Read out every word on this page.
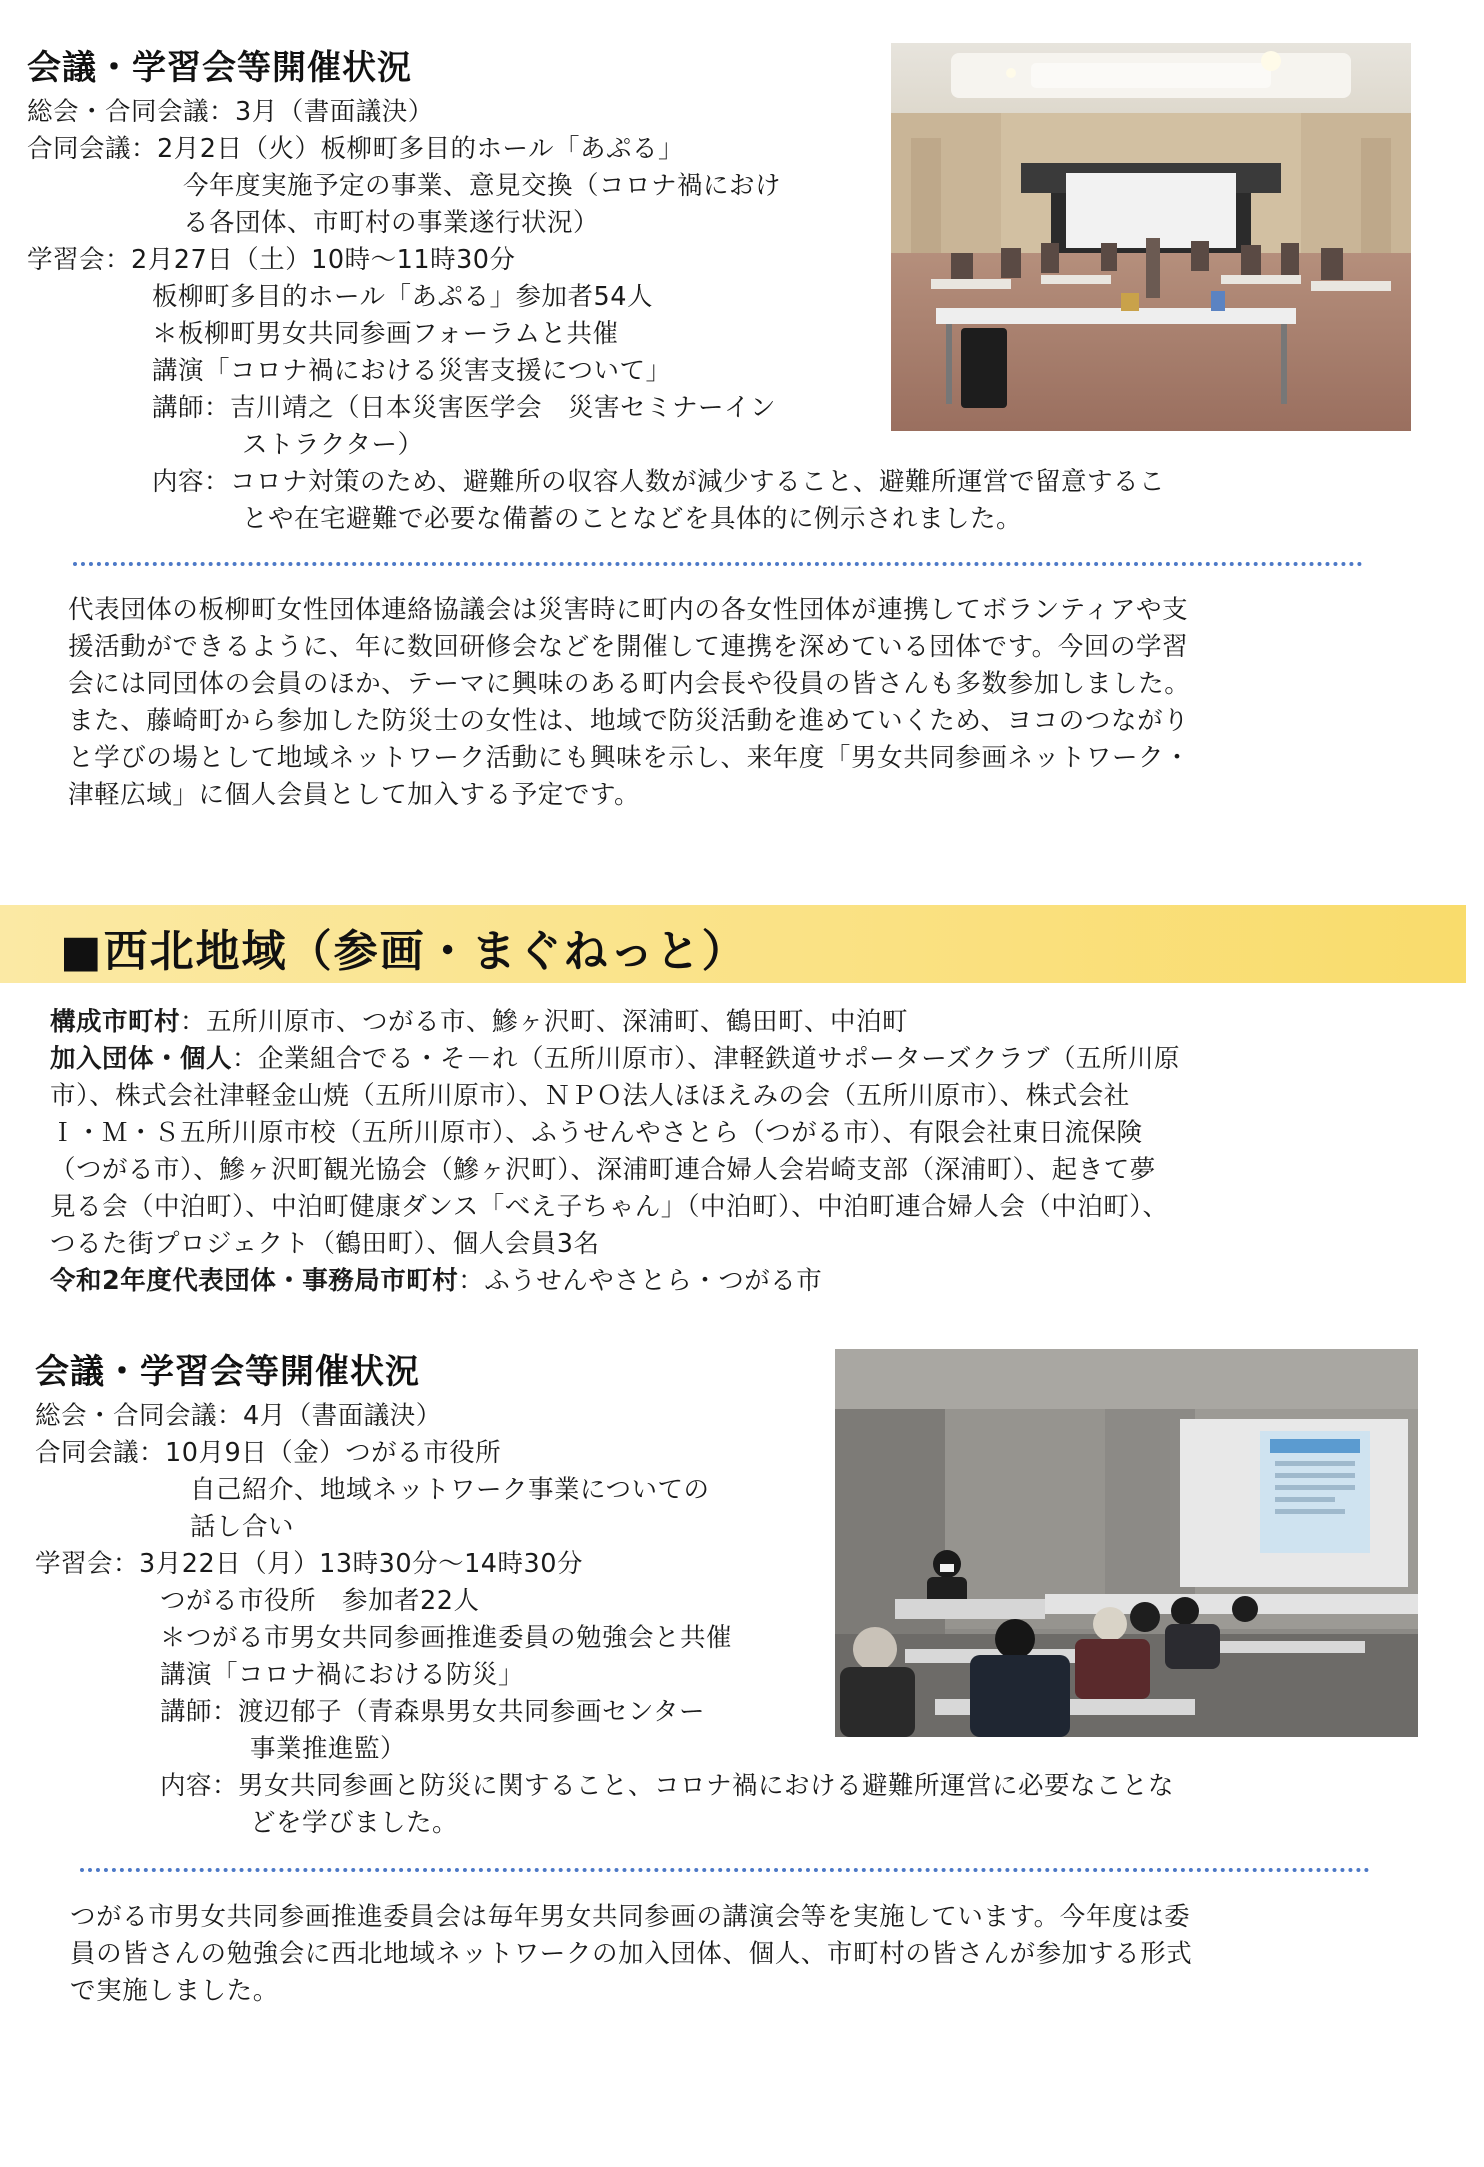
会議・学習会等開催状況
総会・合同会議：3月（書面議決）
合同会議：2月2日（火）板柳町多目的ホール「あぷる」
今年度実施予定の事業、意見交換（コロナ禍におけ
る各団体、市町村の事業遂行状況）
学習会：2月27日（土）10時～11時30分
板柳町多目的ホール「あぷる」参加者54人
＊板柳町男女共同参画フォーラムと共催
講演「コロナ禍における災害支援について」
講師：吉川靖之（日本災害医学会　災害セミナーイン
ストラクター）
内容：コロナ対策のため、避難所の収容人数が減少すること、避難所運営で留意するこ
とや在宅避難で必要な備蓄のことなどを具体的に例示されました。
代表団体の板柳町女性団体連絡協議会は災害時に町内の各女性団体が連携してボランティアや支
援活動ができるように、年に数回研修会などを開催して連携を深めている団体です。今回の学習
会には同団体の会員のほか、テーマに興味のある町内会長や役員の皆さんも多数参加しました。
また、藤崎町から参加した防災士の女性は、地域で防災活動を進めていくため、ヨコのつながり
と学びの場として地域ネットワーク活動にも興味を示し、来年度「男女共同参画ネットワーク・
津軽広域」に個人会員として加入する予定です。
■西北地域（参画・まぐねっと）
構成市町村：五所川原市、つがる市、鰺ヶ沢町、深浦町、鶴田町、中泊町
加入団体・個人：企業組合でる・そ－れ（五所川原市）、津軽鉄道サポーターズクラブ（五所川原
市）、株式会社津軽金山焼（五所川原市）、ＮＰＯ法人ほほえみの会（五所川原市）、株式会社
Ｉ・Ｍ・Ｓ五所川原市校（五所川原市）、ふうせんやさとら（つがる市）、有限会社東日流保険
（つがる市）、鰺ヶ沢町観光協会（鰺ヶ沢町）、深浦町連合婦人会岩崎支部（深浦町）、起きて夢
見る会（中泊町）、中泊町健康ダンス「べえ子ちゃん」（中泊町）、中泊町連合婦人会（中泊町）、
つるた街プロジェクト（鶴田町）、個人会員3名
令和2年度代表団体・事務局市町村：ふうせんやさとら・つがる市
会議・学習会等開催状況
総会・合同会議：4月（書面議決）
合同会議：10月9日（金）つがる市役所
自己紹介、地域ネットワーク事業についての
話し合い
学習会：3月22日（月）13時30分～14時30分
つがる市役所　参加者22人
＊つがる市男女共同参画推進委員の勉強会と共催
講演「コロナ禍における防災」
講師：渡辺郁子（青森県男女共同参画センター
事業推進監）
内容：男女共同参画と防災に関すること、コロナ禍における避難所運営に必要なことな
どを学びました。
つがる市男女共同参画推進委員会は毎年男女共同参画の講演会等を実施しています。今年度は委
員の皆さんの勉強会に西北地域ネットワークの加入団体、個人、市町村の皆さんが参加する形式
で実施しました。
